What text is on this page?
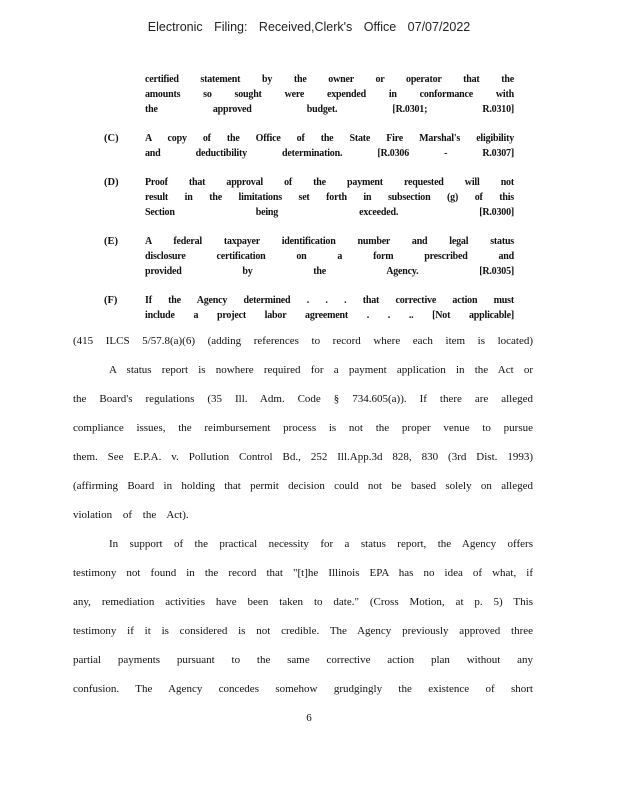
Electronic Filing: Received,Clerk's Office 07/07/2022
certified statement by the owner or operator that the
amounts so sought were expended in conformance with
the approved budget. [R.0301; R.0310]
(C)	A copy of the Office of the State Fire Marshal's eligibility
and deductibility determination. [R.0306 - R.0307]
(D)	Proof that approval of the payment requested will not
result in the limitations set forth in subsection (g) of this
Section being exceeded. [R.0300]
(E)	A federal taxpayer identification number and legal status
disclosure certification on a form prescribed and
provided by the Agency. [R.0305]
(F)	If the Agency determined . . . that corrective action must
include a project labor agreement . . .. [Not applicable]
(415 ILCS 5/57.8(a)(6) (adding references to record where each item is located)
A status report is nowhere required for a payment application in the Act or
the Board's regulations (35 Ill. Adm. Code § 734.605(a)). If there are alleged
compliance issues, the reimbursement process is not the proper venue to pursue
them. See E.P.A. v. Pollution Control Bd., 252 Ill.App.3d 828, 830 (3rd Dist. 1993)
(affirming Board in holding that permit decision could not be based solely on alleged
violation of the Act).
In support of the practical necessity for a status report, the Agency offers
testimony not found in the record that "[t]he Illinois EPA has no idea of what, if
any, remediation activities have been taken to date." (Cross Motion, at p. 5) This
testimony if it is considered is not credible. The Agency previously approved three
partial payments pursuant to the same corrective action plan without any
confusion. The Agency concedes somehow grudgingly the existence of short
6
